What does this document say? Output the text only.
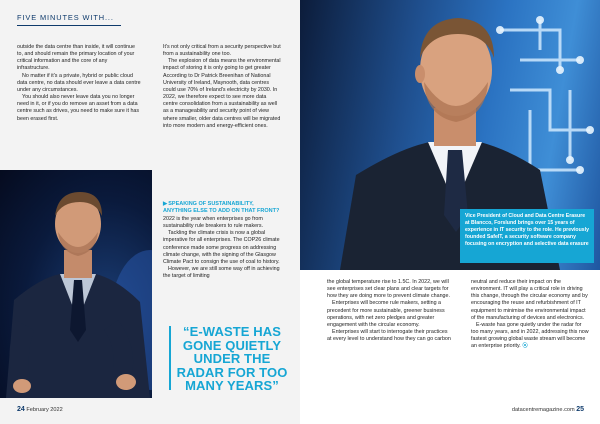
FIVE MINUTES WITH...

outside the data centre than inside, it will continue to, and should remain the primary location of your critical information and the core of any infrastructure.

No matter if it's a private, hybrid or public cloud data centre, no data should ever leave a data centre under any circumstances.

You should also never leave data you no longer need in it, or if you do remove an asset from a data centre such as drives, you need to make sure it has been erased first.

It's not only critical from a security perspective but from a sustainability one too.

The explosion of data means the environmental impact of storing it is only going to get greater According to Dr Patrick Breenihan of National University of Ireland, Maynooth, data centres could use 70% of Ireland's electricity by 2030. In 2022, we therefore expect to see more data centre consolidation from a sustainability as well as a manageability and security point of view where smaller, older data centres will be migrated into more modern and energy-efficient ones.

▶SPEAKING OF SUSTAINABILITY, ANYTHING ELSE TO ADD ON THAT FRONT?

2022 is the year when enterprises go from sustainability rule breakers to rule makers.

Tackling the climate crisis is now a global imperative for all enterprises. The COP26 climate conference made some progress on addressing climate change, with the signing of the Glasgow Climate Pact to consign the use of coal to history.

However, we are still some way off in achieving the target of limiting

“E-WASTE HAS GONE QUIETLY UNDER THE RADAR FOR TOO MANY YEARS”
24 February 2022
Vice President of Cloud and Data Centre Erasure at Blancco, Forslund brings over 15 years of experience in IT security to the role. He previously founded SafeIT, a security software company focusing on encryption and selective data erasure

the global temperature rise to 1.5C. In 2022, we will see enterprises set clear plans and clear targets for how they are doing more to prevent climate change.

Enterprises will become rule makers, setting a precedent for more sustainable, greener business operations, with net zero pledges and greater engagement with the circular economy.

Enterprises will start to interrogate their practices at every level to understand how they can go carbon

neutral and reduce their impact on the environment. IT will play a critical role in driving this change, through the circular economy and by encouraging the reuse and refurbishment of IT equipment to minimise the environmental impact of the manufacturing of devices and electronics.

E-waste has gone quietly under the radar for too many years, and in 2022, addressing this now fastest growing global waste stream will become an enterprise priority. ⦿

datacentremagazine.com 25
